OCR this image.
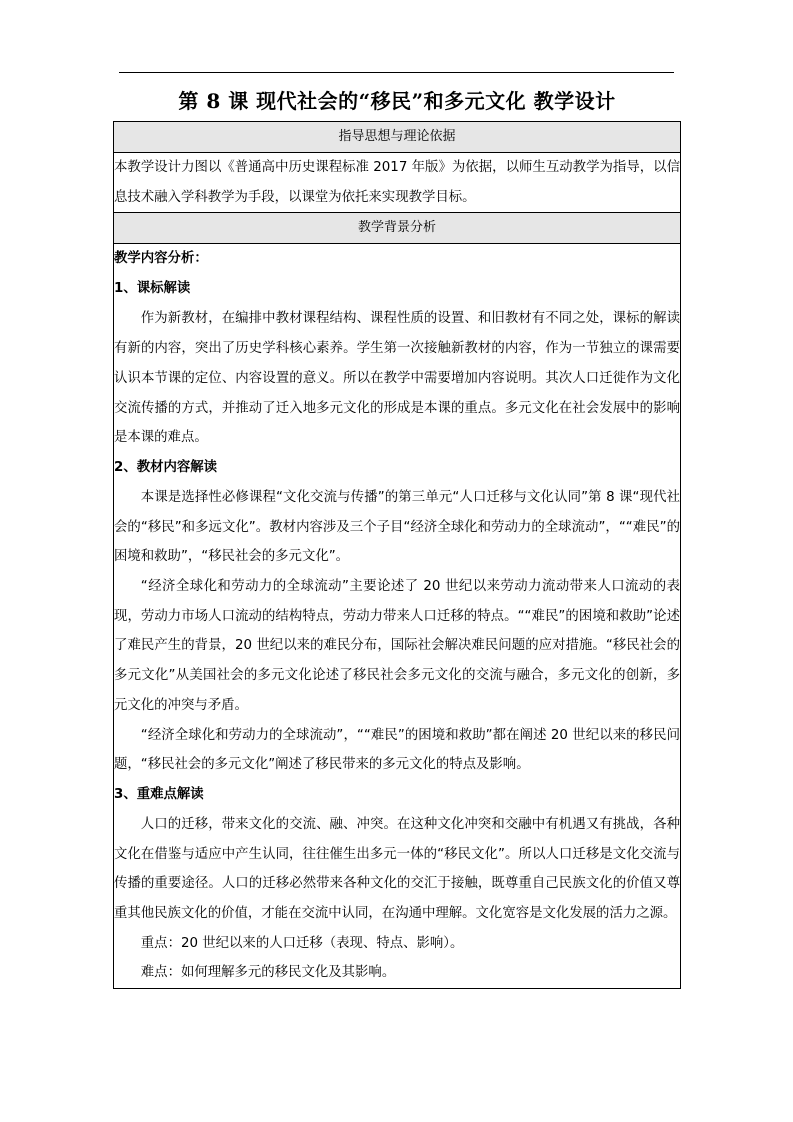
第 8 课 现代社会的“移民”和多元文化 教学设计
指导思想与理论依据

本教学设计力图以《普通高中历史课程标准 2017 年版》为依据，以师生互动教学为指导，以信息技术融入学科教学为手段，以课堂为依托来实现教学目标。

教学背景分析

教学内容分析：

1、课标解读

作为新教材，在编排中教材课程结构、课程性质的设置、和旧教材有不同之处，课标的解读有新的内容，突出了历史学科核心素养。学生第一次接触新教材的内容，作为一节独立的课需要认识本节课的定位、内容设置的意义。所以在教学中需要增加内容说明。其次人口迁徙作为文化交流传播的方式，并推动了迁入地多元文化的形成是本课的重点。多元文化在社会发展中的影响是本课的难点。

2、教材内容解读

本课是选择性必修课程“文化交流与传播”的第三单元“人口迁移与文化认同”第 8 课“现代社会的“移民”和多远文化”。教材内容涉及三个子目“经济全球化和劳动力的全球流动”，““难民”的困境和救助”，“移民社会的多元文化”。

“经济全球化和劳动力的全球流动”主要论述了 20 世纪以来劳动力流动带来人口流动的表现，劳动力市场人口流动的结构特点，劳动力带来人口迁移的特点。““难民”的困境和救助”论述了难民产生的背景，20 世纪以来的难民分布，国际社会解决难民问题的应对措施。“移民社会的多元文化”从美国社会的多元文化论述了移民社会多元文化的交流与融合，多元文化的创新，多元文化的冲突与矛盾。

“经济全球化和劳动力的全球流动”，““难民”的困境和救助”都在阐述 20 世纪以来的移民问题，“移民社会的多元文化”阐述了移民带来的多元文化的特点及影响。

3、重难点解读

人口的迁移，带来文化的交流、融、冲突。在这种文化冲突和交融中有机遇又有挑战，各种文化在借鉴与适应中产生认同，往往催生出多元一体的“移民文化”。所以人口迁移是文化交流与传播的重要途径。人口的迁移必然带来各种文化的交汇于接触，既尊重自己民族文化的价值又尊重其他民族文化的价值，才能在交流中认同，在沟通中理解。文化宽容是文化发展的活力之源。

重点：20 世纪以来的人口迁移（表现、特点、影响）。

难点：如何理解多元的移民文化及其影响。
